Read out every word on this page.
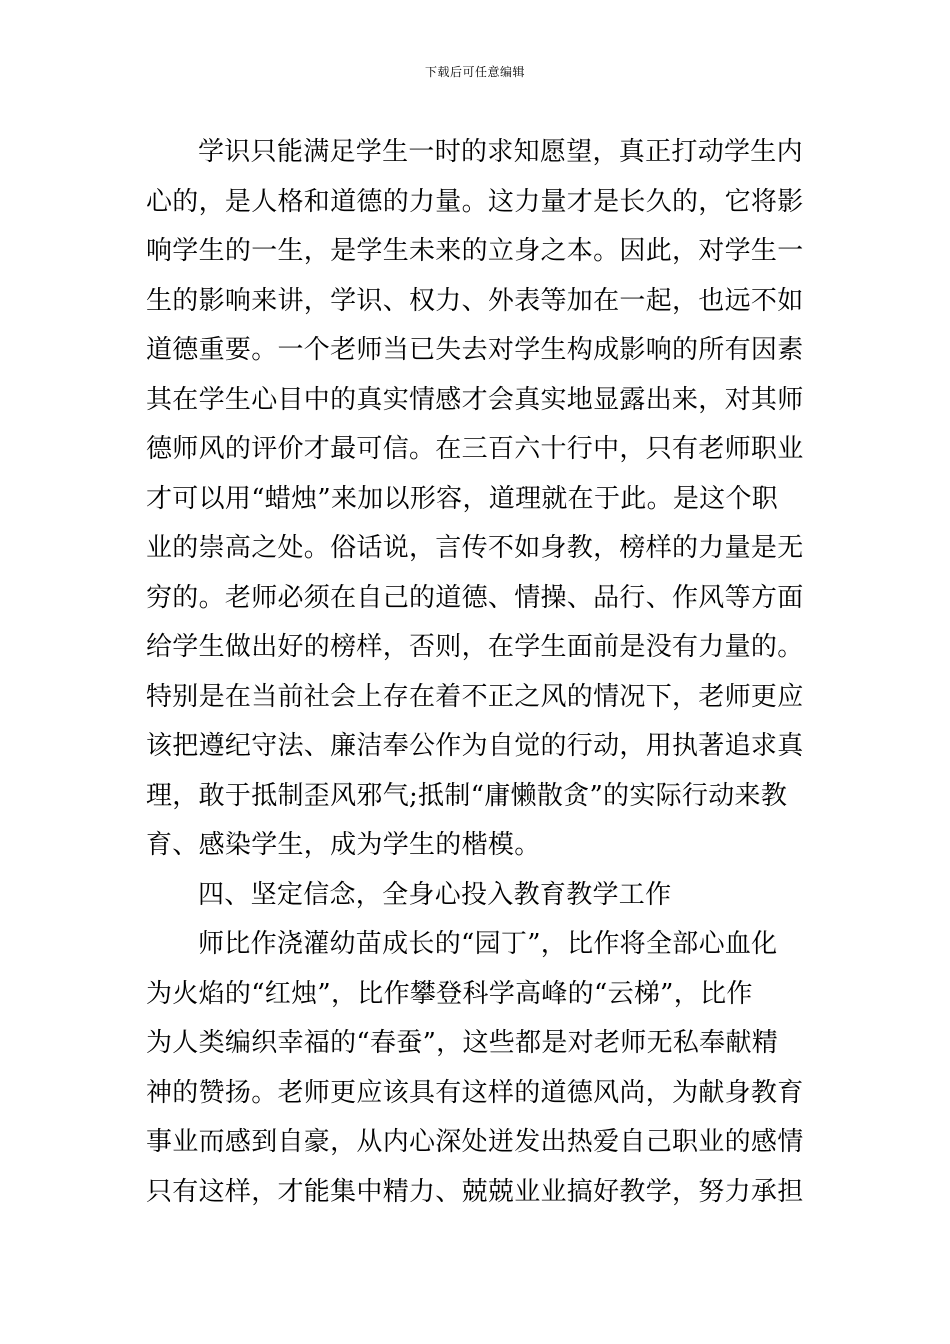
下载后可任意编辑
学识只能满足学生一时的求知愿望，真正打动学生内
心的，是人格和道德的力量。这力量才是长久的，它将影
响学生的一生，是学生未来的立身之本。因此，对学生一
生的影响来讲，学识、权力、外表等加在一起，也远不如
道德重要。一个老师当已失去对学生构成影响的所有因素
其在学生心目中的真实情感才会真实地显露出来，对其师
德师风的评价才最可信。在三百六十行中，只有老师职业
才可以用“蜡烛”来加以形容，道理就在于此。是这个职
业的崇高之处。俗话说，言传不如身教，榜样的力量是无
穷的。老师必须在自己的道德、情操、品行、作风等方面
给学生做出好的榜样，否则，在学生面前是没有力量的。
特别是在当前社会上存在着不正之风的情况下，老师更应
该把遵纪守法、廉洁奉公作为自觉的行动，用执著追求真
理，敢于抵制歪风邪气;抵制“庸懒散贪”的实际行动来教
育、感染学生，成为学生的楷模。
四、坚定信念，全身心投入教育教学工作
师比作浇灌幼苗成长的“园丁”，比作将全部心血化
为火焰的“红烛”，比作攀登科学高峰的“云梯”，比作
为人类编织幸福的“春蚕”，这些都是对老师无私奉献精
神的赞扬。老师更应该具有这样的道德风尚，为献身教育
事业而感到自豪，从内心深处迸发出热爱自己职业的感情
只有这样，才能集中精力、兢兢业业搞好教学，努力承担
